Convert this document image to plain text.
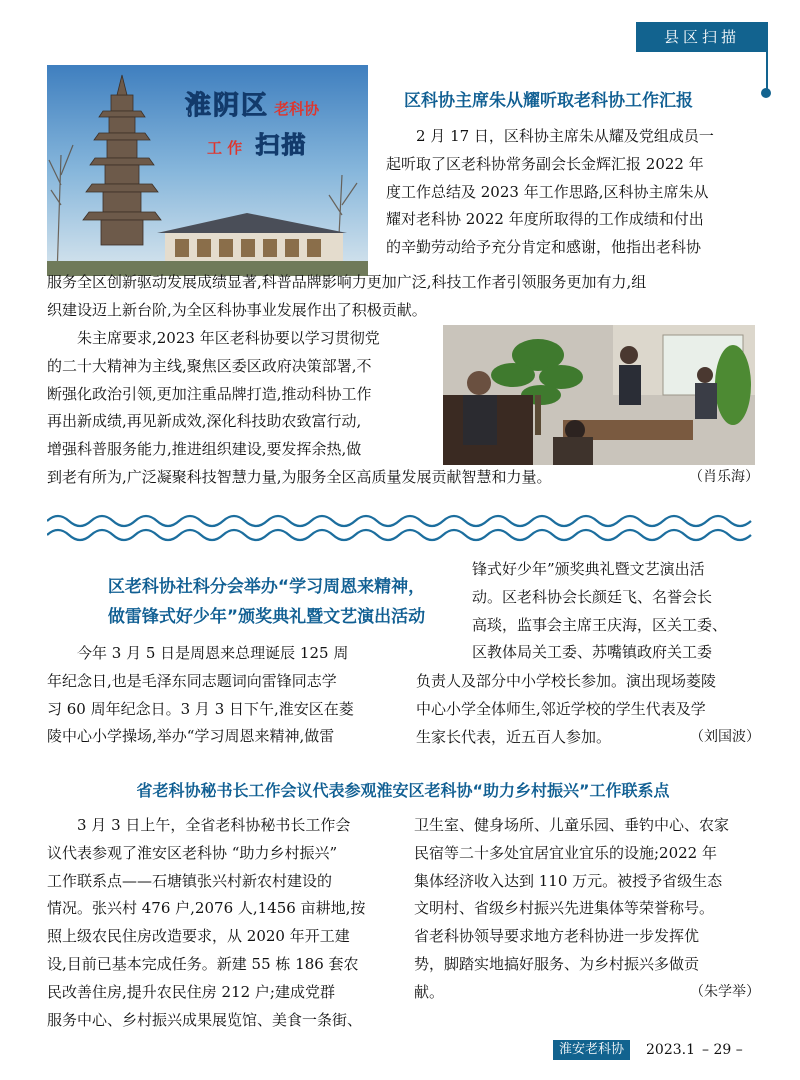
县区扫描
淮阴区 老科协
工 作 扫描
区科协主席朱从耀听取老科协工作汇报
2 月 17 日，区科协主席朱从耀及党组成员一
起听取了区老科协常务副会长金辉汇报 2022 年
度工作总结及 2023 年工作思路,区科协主席朱从
耀对老科协 2022 年度所取得的工作成绩和付出
的辛勤劳动给予充分肯定和感谢，他指出老科协
服务全区创新驱动发展成绩显著,科普品牌影响力更加广泛,科技工作者引领服务更加有力,组
织建设迈上新台阶,为全区科协事业发展作出了积极贡献。
朱主席要求,2023 年区老科协要以学习贯彻党
的二十大精神为主线,聚焦区委区政府决策部署,不
断强化政治引领,更加注重品牌打造,推动科协工作
再出新成绩,再见新成效,深化科技助农致富行动,
增强科普服务能力,推进组织建设,要发挥余热,做
到老有所为,广泛凝聚科技智慧力量,为服务全区高质量发展贡献智慧和力量。	（肖乐海）
区老科协社科分会举办“学习周恩来精神，
做雷锋式好少年”颁奖典礼暨文艺演出活动
今年 3 月 5 日是周恩来总理诞辰 125 周
年纪念日,也是毛泽东同志题词向雷锋同志学
习 60 周年纪念日。3 月 3 日下午,淮安区在菱
陵中心小学操场,举办“学习周恩来精神,做雷
锋式好少年”颁奖典礼暨文艺演出活
动。区老科协会长颜廷飞、名誉会长
高琰，监事会主席王庆海，区关工委、
区教体局关工委、苏嘴镇政府关工委
负责人及部分中小学校长参加。演出现场菱陵
中心小学全体师生,邻近学校的学生代表及学
生家长代表，近五百人参加。	（刘国波）
省老科协秘书长工作会议代表参观淮安区老科协“助力乡村振兴”工作联系点
3 月 3 日上午，全省老科协秘书长工作会
议代表参观了淮安区老科协 “助力乡村振兴”
工作联系点——石塘镇张兴村新农村建设的
情况。张兴村 476 户,2076 人,1456 亩耕地,按
照上级农民住房改造要求，从 2020 年开工建
设,目前已基本完成任务。新建 55 栋 186 套农
民改善住房,提升农民住房 212 户;建成党群
服务中心、乡村振兴成果展览馆、美食一条街、
卫生室、健身场所、儿童乐园、垂钓中心、农家
民宿等二十多处宜居宜业宜乐的设施;2022 年
集体经济收入达到 110 万元。被授予省级生态
文明村、省级乡村振兴先进集体等荣誉称号。
省老科协领导要求地方老科协进一步发挥优
势，脚踏实地搞好服务、为乡村振兴多做贡
献。	（朱学举）
淮安老科协	2023.1 – 29 –
